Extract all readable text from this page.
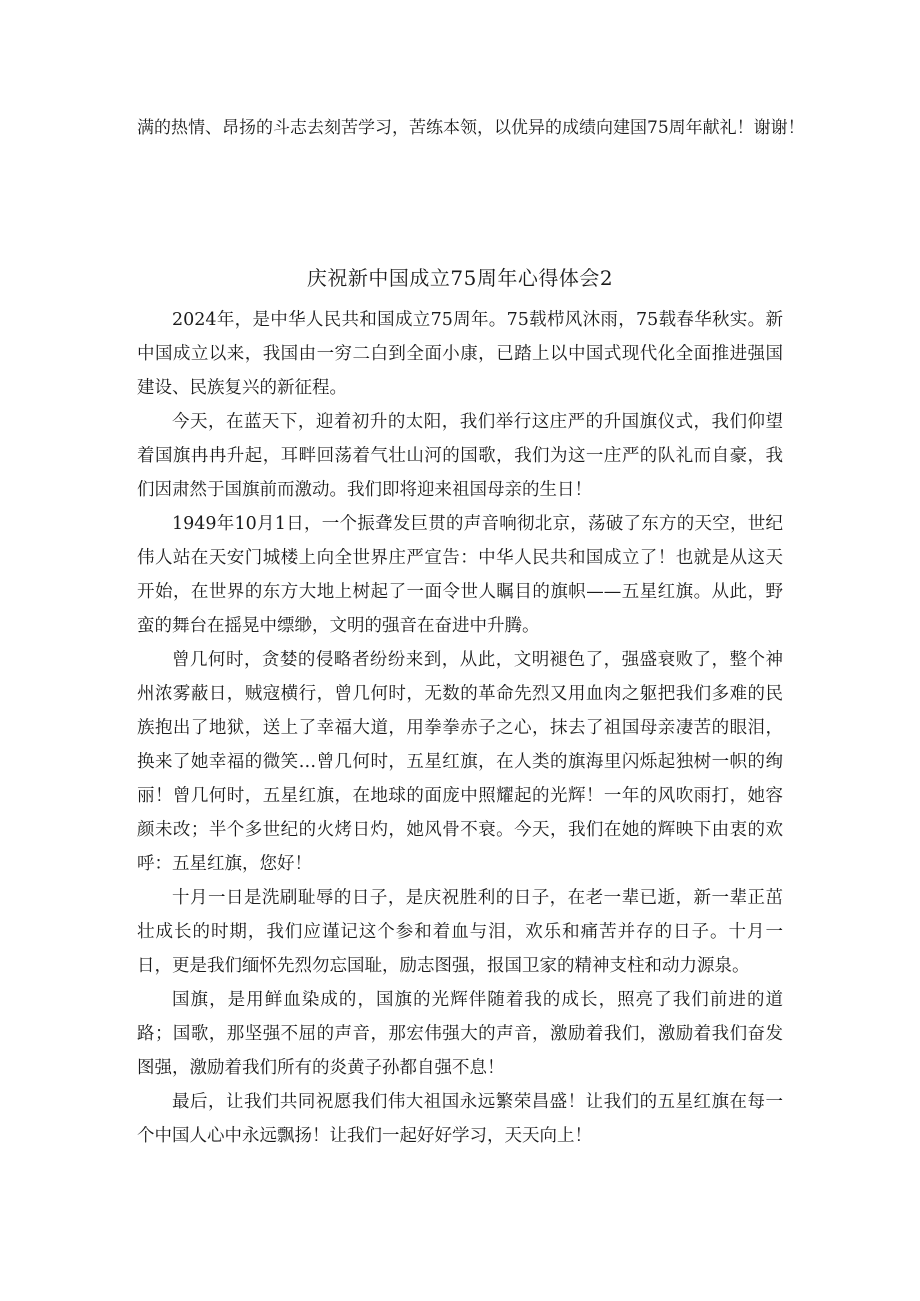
满的热情、昂扬的斗志去刻苦学习，苦练本领，以优异的成绩向建国75周年献礼！谢谢！

庆祝新中国成立75周年心得体会2

2024年，是中华人民共和国成立75周年。75载栉风沐雨，75载春华秋实。新中国成立以来，我国由一穷二白到全面小康，已踏上以中国式现代化全面推进强国建设、民族复兴的新征程。

今天，在蓝天下，迎着初升的太阳，我们举行这庄严的升国旗仪式，我们仰望着国旗冉冉升起，耳畔回荡着气壮山河的国歌，我们为这一庄严的队礼而自豪，我们因肃然于国旗前而激动。我们即将迎来祖国母亲的生日！

1949年10月1日，一个振聋发巨贯的声音响彻北京，荡破了东方的天空，世纪伟人站在天安门城楼上向全世界庄严宣告：中华人民共和国成立了！也就是从这天开始，在世界的东方大地上树起了一面令世人瞩目的旗帜——五星红旗。从此，野蛮的舞台在摇晃中缥缈，文明的强音在奋进中升腾。

曾几何时，贪婪的侵略者纷纷来到，从此，文明褪色了，强盛衰败了，整个神州浓雾蔽日，贼寇横行，曾几何时，无数的革命先烈又用血肉之躯把我们多难的民族抱出了地狱，送上了幸福大道，用拳拳赤子之心，抹去了祖国母亲凄苦的眼泪，换来了她幸福的微笑…曾几何时，五星红旗，在人类的旗海里闪烁起独树一帜的绚丽！曾几何时，五星红旗，在地球的面庞中照耀起的光辉！一年的风吹雨打，她容颜未改；半个多世纪的火烤日灼，她风骨不衰。今天，我们在她的辉映下由衷的欢呼：五星红旗，您好！

十月一日是洗刷耻辱的日子，是庆祝胜利的日子，在老一辈已逝，新一辈正茁壮成长的时期，我们应谨记这个参和着血与泪，欢乐和痛苦并存的日子。十月一日，更是我们缅怀先烈勿忘国耻，励志图强，报国卫家的精神支柱和动力源泉。

国旗，是用鲜血染成的，国旗的光辉伴随着我的成长，照亮了我们前进的道路；国歌，那坚强不屈的声音，那宏伟强大的声音，激励着我们，激励着我们奋发图强，激励着我们所有的炎黄子孙都自强不息！

最后，让我们共同祝愿我们伟大祖国永远繁荣昌盛！让我们的五星红旗在每一个中国人心中永远飘扬！让我们一起好好学习，天天向上！
